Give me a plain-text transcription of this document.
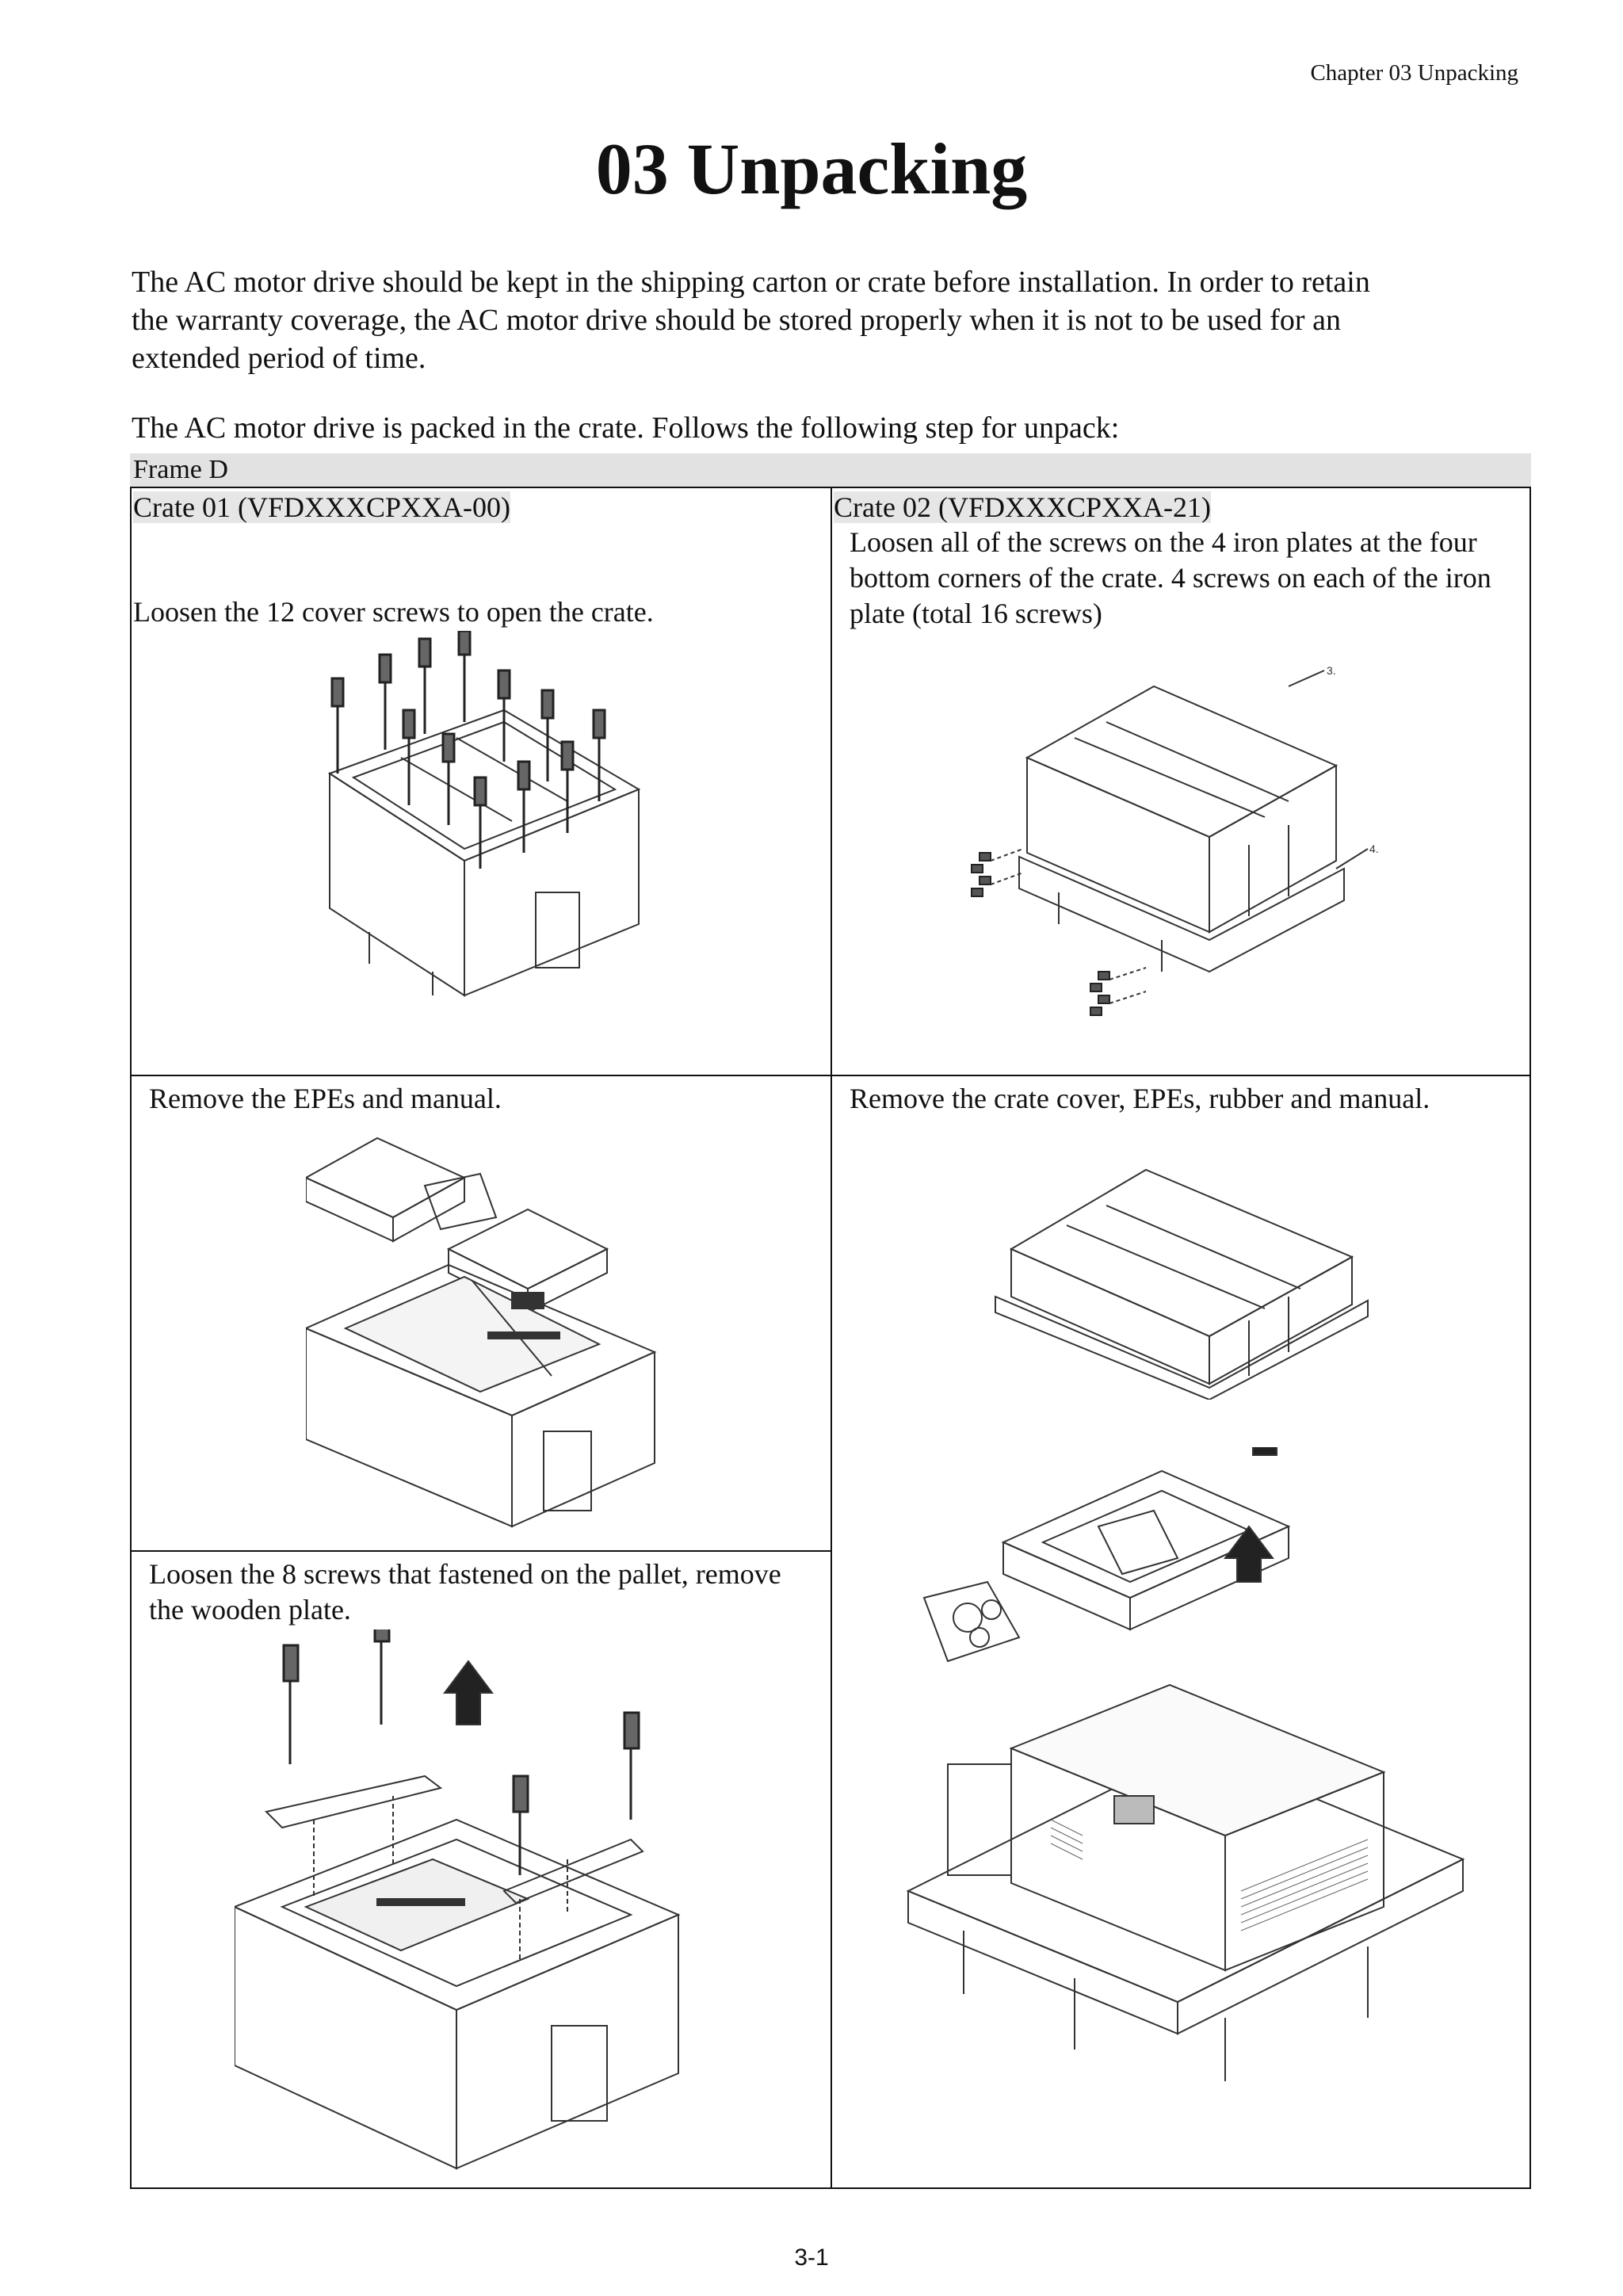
Chapter 03 Unpacking
03 Unpacking
The AC motor drive should be kept in the shipping carton or crate before installation. In order to retain
the warranty coverage, the AC motor drive should be stored properly when it is not to be used for an
extended period of time.
The AC motor drive is packed in the crate. Follows the following step for unpack:
Frame D
Crate 01 (VFDXXXCPXXA-00)
Loosen the 12 cover screws to open the crate.
Remove the EPEs and manual.
Loosen the 8 screws that fastened on the pallet, remove
the wooden plate.
Crate 02 (VFDXXXCPXXA-21)
Loosen all of the screws on the 4 iron plates at the four
bottom corners of the crate. 4 screws on each of the iron
plate (total 16 screws)
Remove the crate cover, EPEs, rubber and manual.
3.
4.
3-1
